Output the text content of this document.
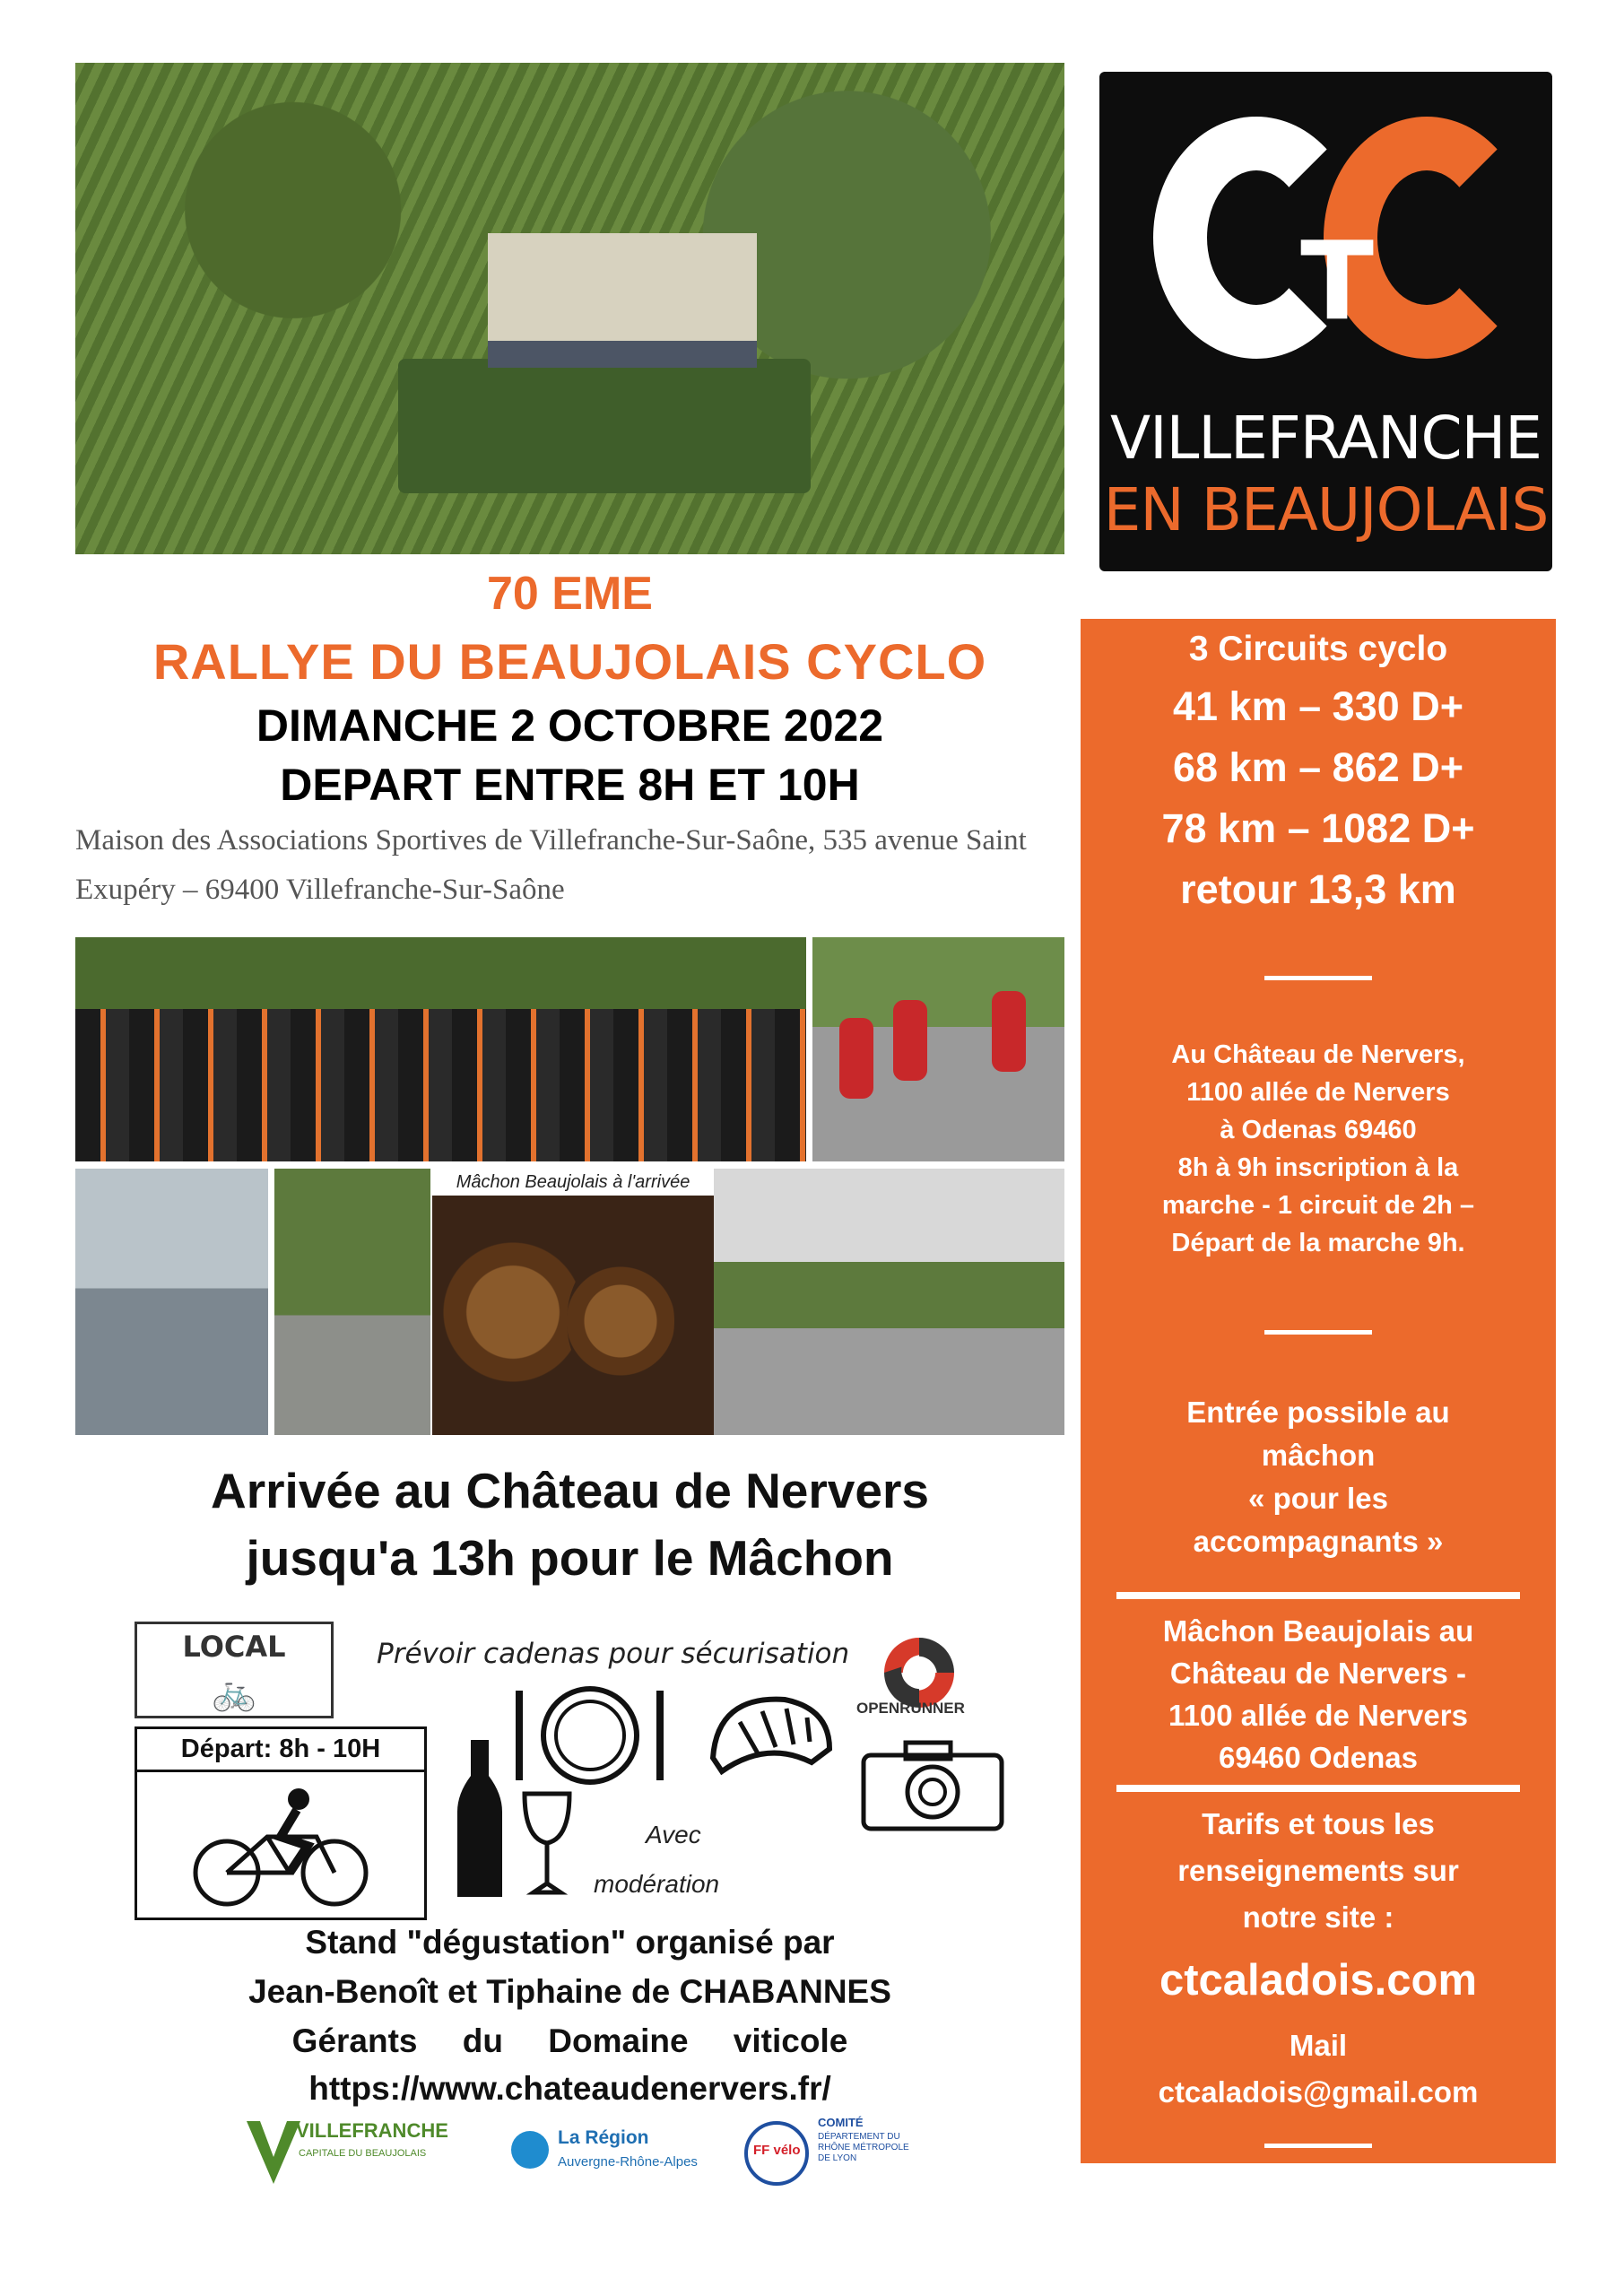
T
VILLEFRANCHE
EN BEAUJOLAIS
70 EME
RALLYE DU BEAUJOLAIS CYCLO
DIMANCHE 2 OCTOBRE 2022
DEPART ENTRE 8H ET 10H
Maison des Associations Sportives de Villefranche-Sur-Saône, 535 avenue Saint Exupéry – 69400 Villefranche-Sur-Saône
3 Circuits cyclo
41 km – 330 D+
68 km – 862 D+
78 km – 1082 D+
retour 13,3 km
Au Château de Nervers,
1100 allée de Nervers
à Odenas 69460
8h à 9h inscription à la
marche - 1 circuit de 2h –
Départ de la marche 9h.
Entrée possible au
mâchon
« pour les
accompagnants »
Mâchon Beaujolais au
Château de Nervers -
1100 allée de Nervers
69460 Odenas
Tarifs et tous les
renseignements sur
notre site :
ctcaladois.com
Mail
ctcaladois@gmail.com
Mâchon Beaujolais à l'arrivée
Arrivée au Château de Nervers
jusqu'a 13h pour le Mâchon
LOCAL
🚲
Prévoir cadenas pour sécurisation
OPENRUNNER
Départ: 8h - 10H
Avec
modération
Stand "dégustation" organisé par
Jean-Benoît et Tiphaine de CHABANNES
Gérants du Domaine viticole
https://www.chateaudenervers.fr/
VILLEFRANCHE
CAPITALE DU BEAUJOLAIS
La Région
Auvergne-Rhône-Alpes
FF vélo
COMITÉ
DÉPARTEMENT DU RHÔNE MÉTROPOLE DE LYON
